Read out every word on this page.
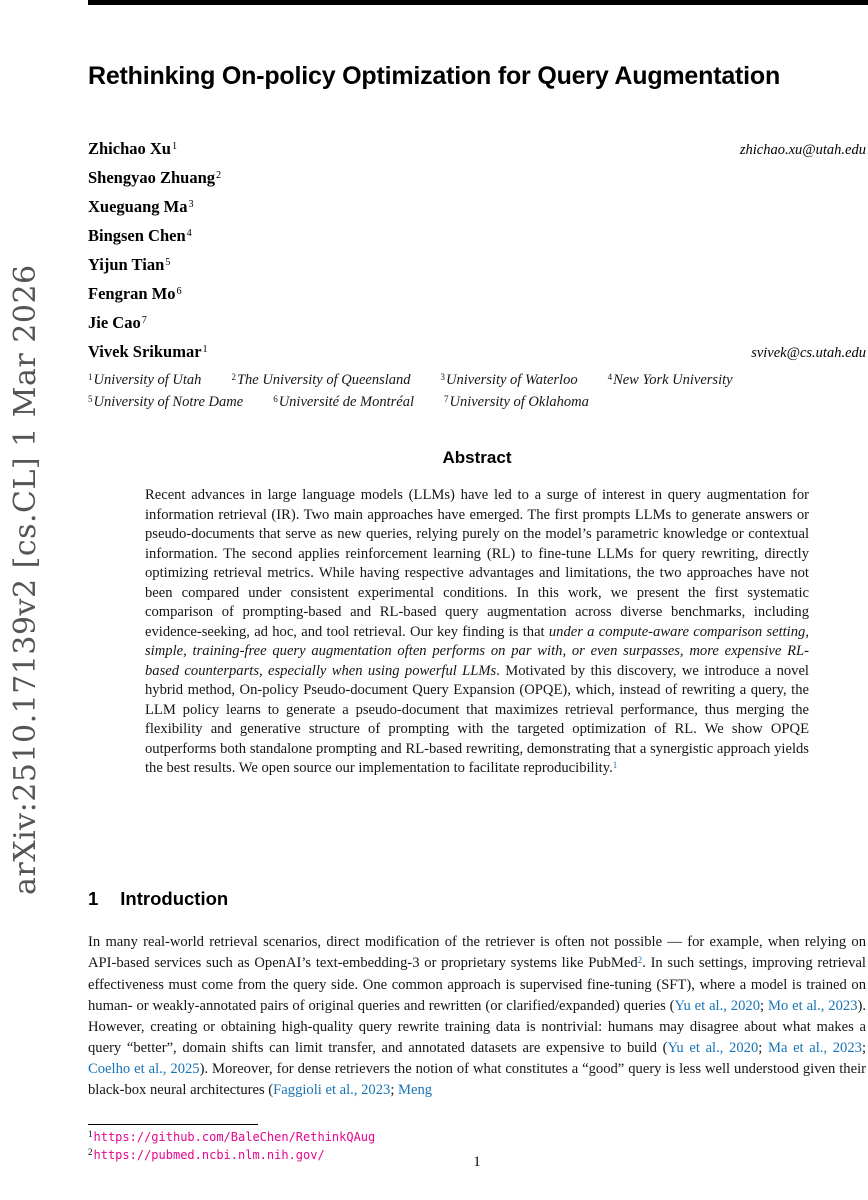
arXiv:2510.17139v2 [cs.CL] 1 Mar 2026
Rethinking On-policy Optimization for Query Augmentation
Zhichao Xu$^1$	zhichao.xu@utah.edu
Shengyao Zhuang$^2$
Xueguang Ma$^3$
Bingsen Chen$^4$
Yijun Tian$^5$
Fengran Mo$^6$
Jie Cao$^7$
Vivek Srikumar$^1$	svivek@cs.utah.edu
$^1$University of Utah	$^2$The University of Queensland	$^3$University of Waterloo	$^4$New York University
$^5$University of Notre Dame	$^6$Université de Montréal	$^7$University of Oklahoma
Abstract

Recent advances in large language models (LLMs) have led to a surge of interest in query augmentation for information retrieval (IR). Two main approaches have emerged. The first prompts LLMs to generate answers or pseudo-documents that serve as new queries, relying purely on the model’s parametric knowledge or contextual information. The second applies reinforcement learning (RL) to fine-tune LLMs for query rewriting, directly optimizing retrieval metrics. While having respective advantages and limitations, the two approaches have not been compared under consistent experimental conditions. In this work, we present the first systematic comparison of prompting-based and RL-based query augmentation across diverse benchmarks, including evidence-seeking, ad hoc, and tool retrieval. Our key finding is that under a compute-aware comparison setting, simple, training-free query augmentation often performs on par with, or even surpasses, more expensive RL-based counterparts, especially when using powerful LLMs. Motivated by this discovery, we introduce a novel hybrid method, On-policy Pseudo-document Query Expansion (OPQE), which, instead of rewriting a query, the LLM policy learns to generate a pseudo-document that maximizes retrieval performance, thus merging the flexibility and generative structure of prompting with the targeted optimization of RL. We show OPQE outperforms both standalone prompting and RL-based rewriting, demonstrating that a synergistic approach yields the best results. We open source our implementation to facilitate reproducibility.$^1$

1 Introduction

In many real-world retrieval scenarios, direct modification of the retriever is often not possible — for example, when relying on API-based services such as OpenAI’s text-embedding-3 or proprietary systems like PubMed$^2$. In such settings, improving retrieval effectiveness must come from the query side. One common approach is supervised fine-tuning (SFT), where a model is trained on human- or weakly-annotated pairs of original queries and rewritten (or clarified/expanded) queries (Yu et al., 2020; Mo et al., 2023). However, creating or obtaining high-quality query rewrite training data is nontrivial: humans may disagree about what makes a query “better”, domain shifts can limit transfer, and annotated datasets are expensive to build (Yu et al., 2020; Ma et al., 2023; Coelho et al., 2025). Moreover, for dense retrievers the notion of what constitutes a “good” query is less well understood given their black-box neural architectures (Faggioli et al., 2023; Meng

$^1$https://github.com/BaleChen/RethinkQAug
$^2$https://pubmed.ncbi.nlm.nih.gov/	1
